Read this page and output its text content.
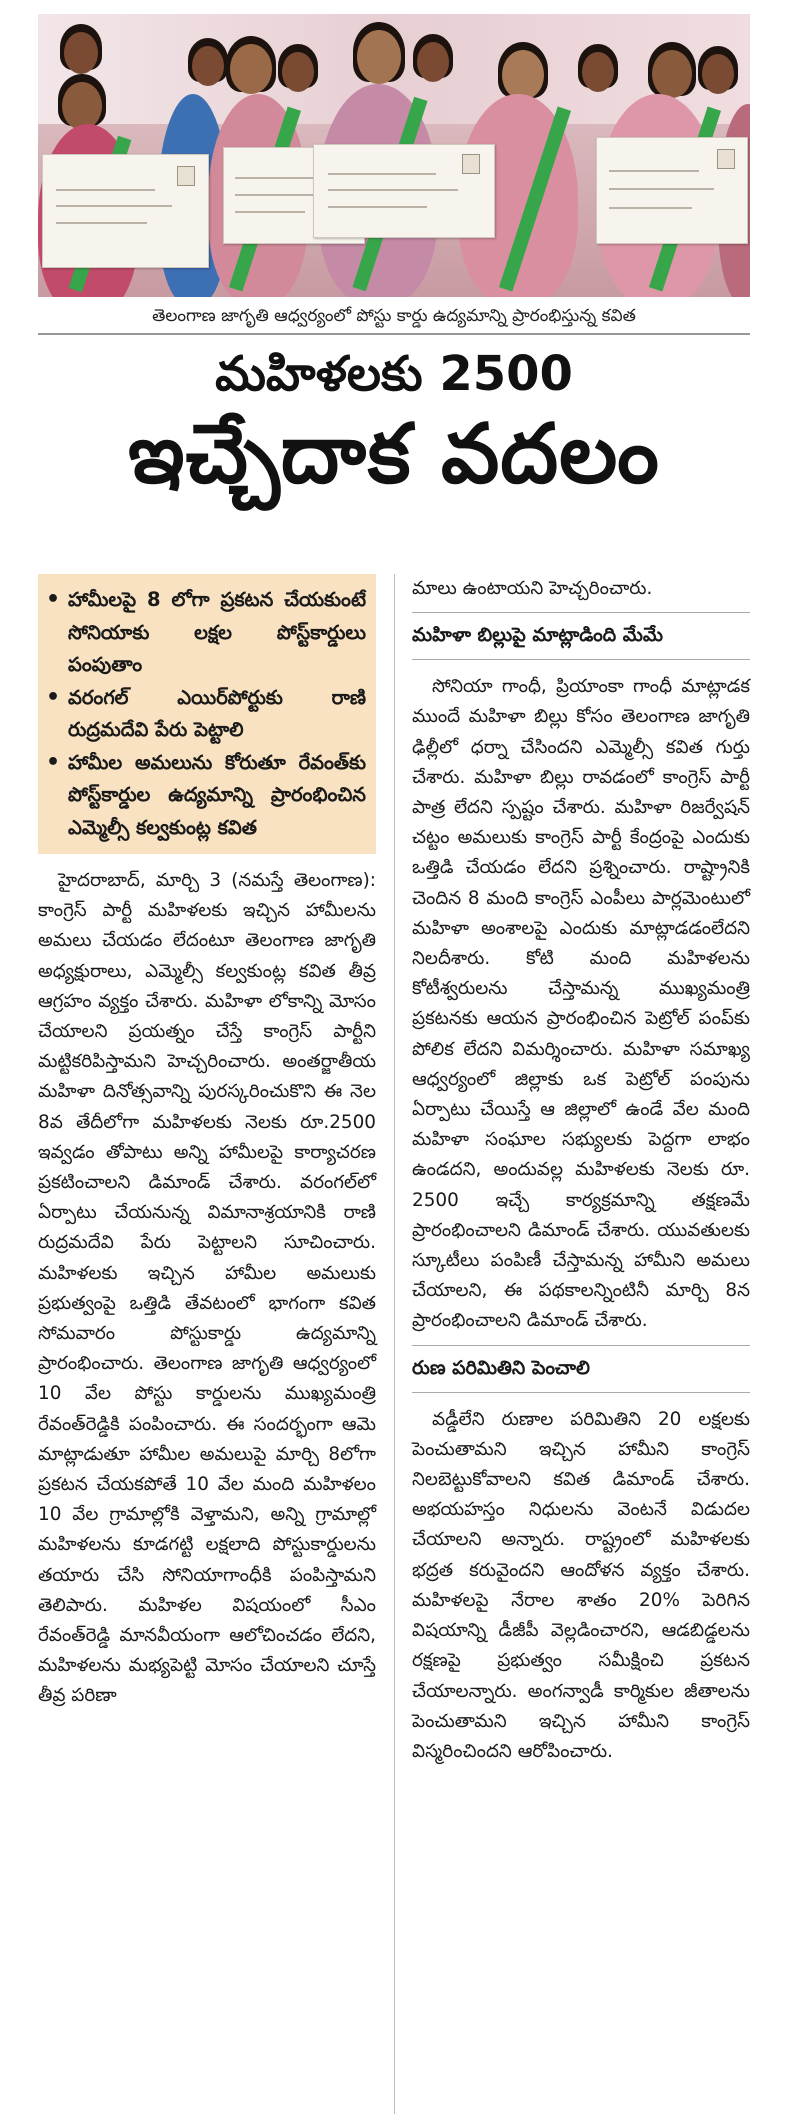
తెలంగాణ జాగృతి ఆధ్వర్యంలో పోస్టు కార్డు ఉద్యమాన్ని ప్రారంభిస్తున్న కవిత
మహిళలకు 2500
ఇచ్చేదాక వదలం
• హామీలపై 8 లోగా ప్రకటన చేయకుంటే సోనియాకు లక్షల పోస్ట్‌కార్డులు పంపుతాం
• వరంగల్ ఎయిర్‌పోర్టుకు రాణి రుద్రమదేవి పేరు పెట్టాలి
• హామీల అమలును కోరుతూ రేవంత్‌కు పోస్ట్‌కార్డుల ఉద్యమాన్ని ప్రారంభించిన ఎమ్మెల్సీ కల్వకుంట్ల కవిత

హైదరాబాద్, మార్చి 3 (నమస్తే తెలంగాణ): కాంగ్రెస్ పార్టీ మహిళలకు ఇచ్చిన హామీలను అమలు చేయడం లేదంటూ తెలంగాణ జాగృతి అధ్యక్షురాలు, ఎమ్మెల్సీ కల్వకుంట్ల కవిత తీవ్ర ఆగ్రహం వ్యక్తం చేశారు. మహిళా లోకాన్ని మోసం చేయాలని ప్రయత్నం చేస్తే కాంగ్రెస్ పార్టీని మట్టికరిపిస్తామని హెచ్చరించారు. అంతర్జాతీయ మహిళా దినోత్సవాన్ని పురస్కరించుకొని ఈ నెల 8వ తేదీలోగా మహిళలకు నెలకు రూ.2500 ఇవ్వడం తోపాటు అన్ని హామీలపై కార్యాచరణ ప్రకటించాలని డిమాండ్ చేశారు. వరంగల్‌లో ఏర్పాటు చేయనున్న విమానాశ్రయానికి రాణి రుద్రమదేవి పేరు పెట్టాలని సూచించారు. మహిళలకు ఇచ్చిన హామీల అమలుకు ప్రభుత్వంపై ఒత్తిడి తేవటంలో భాగంగా కవిత సోమవారం పోస్టుకార్డు ఉద్యమాన్ని ప్రారంభించారు. తెలంగాణ జాగృతి ఆధ్వర్యంలో 10 వేల పోస్టు కార్డులను ముఖ్యమంత్రి రేవంత్‌రెడ్డికి పంపించారు. ఈ సందర్భంగా ఆమె మాట్లాడుతూ హామీల అమలుపై మార్చి 8లోగా ప్రకటన చేయకపోతే 10 వేల మంది మహిళలం 10 వేల గ్రామాల్లోకి వెళ్తామని, అన్ని గ్రామాల్లో మహిళలను కూడగట్టి లక్షలాది పోస్టుకార్డులను తయారు చేసి సోనియాగాంధీకి పంపిస్తామని తెలిపారు. మహిళల విషయంలో సీఎం రేవంత్‌రెడ్డి మానవీయంగా ఆలోచించడం లేదని, మహిళలను మభ్యపెట్టి మోసం చేయాలని చూస్తే తీవ్ర పరిణా

మాలు ఉంటాయని హెచ్చరించారు.

మహిళా బిల్లుపై మాట్లాడింది మేమే

సోనియా గాంధీ, ప్రియాంకా గాంధీ మాట్లాడక ముందే మహిళా బిల్లు కోసం తెలంగాణ జాగృతి ఢిల్లీలో ధర్నా చేసిందని ఎమ్మెల్సీ కవిత గుర్తు చేశారు. మహిళా బిల్లు రావడంలో కాంగ్రెస్ పార్టీ పాత్ర లేదని స్పష్టం చేశారు. మహిళా రిజర్వేషన్ చట్టం అమలుకు కాంగ్రెస్ పార్టీ కేంద్రంపై ఎందుకు ఒత్తిడి చేయడం లేదని ప్రశ్నించారు. రాష్ట్రానికి చెందిన 8 మంది కాంగ్రెస్ ఎంపీలు పార్లమెంటులో మహిళా అంశాలపై ఎందుకు మాట్లాడడంలేదని నిలదీశారు. కోటి మంది మహిళలను కోటీశ్వరులను చేస్తామన్న ముఖ్యమంత్రి ప్రకటనకు ఆయన ప్రారంభించిన పెట్రోల్ పంప్‌కు పోలిక లేదని విమర్శించారు. మహిళా సమాఖ్య ఆధ్వర్యంలో జిల్లాకు ఒక పెట్రోల్ పంపును ఏర్పాటు చేయిస్తే ఆ జిల్లాలో ఉండే వేల మంది మహిళా సంఘాల సభ్యులకు పెద్దగా లాభం ఉండదని, అందువల్ల మహిళలకు నెలకు రూ. 2500 ఇచ్చే కార్యక్రమాన్ని తక్షణమే ప్రారంభించాలని డిమాండ్ చేశారు. యువతులకు స్కూటీలు పంపిణీ చేస్తామన్న హామీని అమలు చేయాలని, ఈ పథకాలన్నింటినీ మార్చి 8న ప్రారంభించాలని డిమాండ్ చేశారు.

రుణ పరిమితిని పెంచాలి

వడ్డీలేని రుణాల పరిమితిని 20 లక్షలకు పెంచుతామని ఇచ్చిన హామీని కాంగ్రెస్ నిలబెట్టుకోవాలని కవిత డిమాండ్ చేశారు. అభయహస్తం నిధులను వెంటనే విడుదల చేయాలని అన్నారు. రాష్ట్రంలో మహిళలకు భద్రత కరువైందని ఆందోళన వ్యక్తం చేశారు. మహిళలపై నేరాల శాతం 20% పెరిగిన విషయాన్ని డీజీపీ వెల్లడించారని, ఆడబిడ్డలను రక్షణపై ప్రభుత్వం సమీక్షించి ప్రకటన చేయాలన్నారు. అంగన్వాడీ కార్మికుల జీతాలను పెంచుతామని ఇచ్చిన హామీని కాంగ్రెస్ విస్మరించిందని ఆరోపించారు.
